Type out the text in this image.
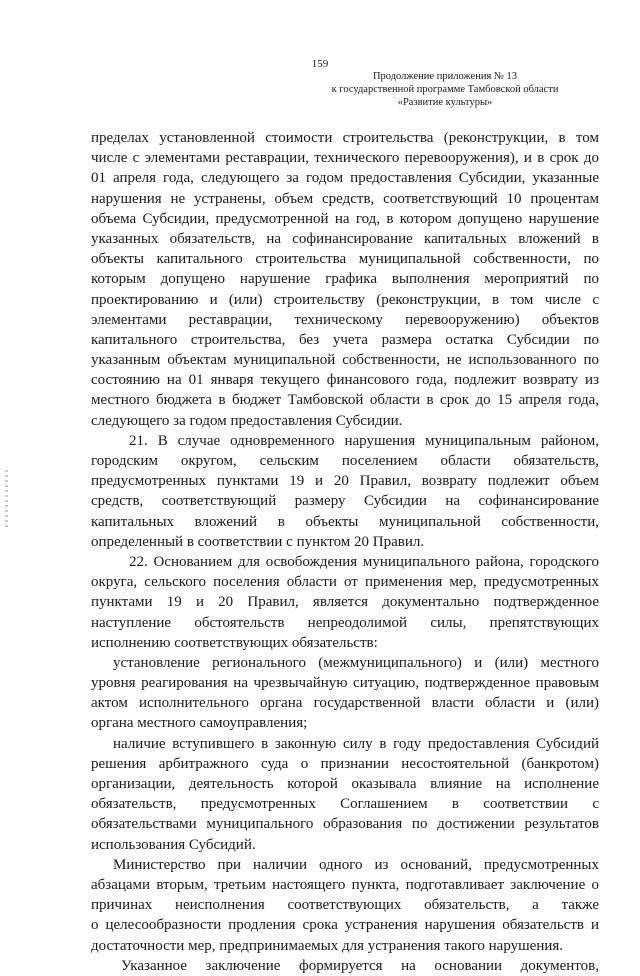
159
Продолжение приложения № 13
к государственной программе Тамбовской области
«Развитие культуры»
пределах установленной стоимости строительства (реконструкции, в том
числе с элементами реставрации, технического перевооружения), и в срок до
01 апреля года, следующего за годом предоставления Субсидии, указанные
нарушения не устранены, объем средств, соответствующий 10 процентам
объема Субсидии, предусмотренной на год, в котором допущено нарушение
указанных обязательств, на софинансирование капитальных вложений в
объекты капитального строительства муниципальной собственности, по
которым допущено нарушение графика выполнения мероприятий по
проектированию и (или) строительству (реконструкции, в том числе с
элементами реставрации, техническому перевооружению) объектов
капитального строительства, без учета размера остатка Субсидии по
указанным объектам муниципальной собственности, не использованного по
состоянию на 01 января текущего финансового года, подлежит возврату из
местного бюджета в бюджет Тамбовской области в срок до 15 апреля года,
следующего за годом предоставления Субсидии.
21. В случае одновременного нарушения муниципальным районом,
городским округом, сельским поселением области обязательств,
предусмотренных пунктами 19 и 20 Правил, возврату подлежит объем
средств, соответствующий размеру Субсидии на софинансирование
капитальных вложений в объекты муниципальной собственности,
определенный в соответствии с пунктом 20 Правил.
22. Основанием для освобождения муниципального района, городского
округа, сельского поселения области от применения мер, предусмотренных
пунктами 19 и 20 Правил, является документально подтвержденное
наступление обстоятельств непреодолимой силы, препятствующих
исполнению соответствующих обязательств:
установление регионального (межмуниципального) и (или) местного
уровня реагирования на чрезвычайную ситуацию, подтвержденное правовым
актом исполнительного органа государственной власти области и (или)
органа местного самоуправления;
наличие вступившего в законную силу в году предоставления Субсидий
решения арбитражного суда о признании несостоятельной (банкротом)
организации, деятельность которой оказывала влияние на исполнение
обязательств, предусмотренных Соглашением в соответствии с
обязательствами муниципального образования по достижении результатов
использования Субсидий.
Министерство при наличии одного из оснований, предусмотренных
абзацами вторым, третьим настоящего пункта, подготавливает заключение о
причинах неисполнения соответствующих обязательств, а также
о целесообразности продления срока устранения нарушения обязательств и
достаточности мер, предпринимаемых для устранения такого нарушения.
Указанное заключение формируется на основании документов,
